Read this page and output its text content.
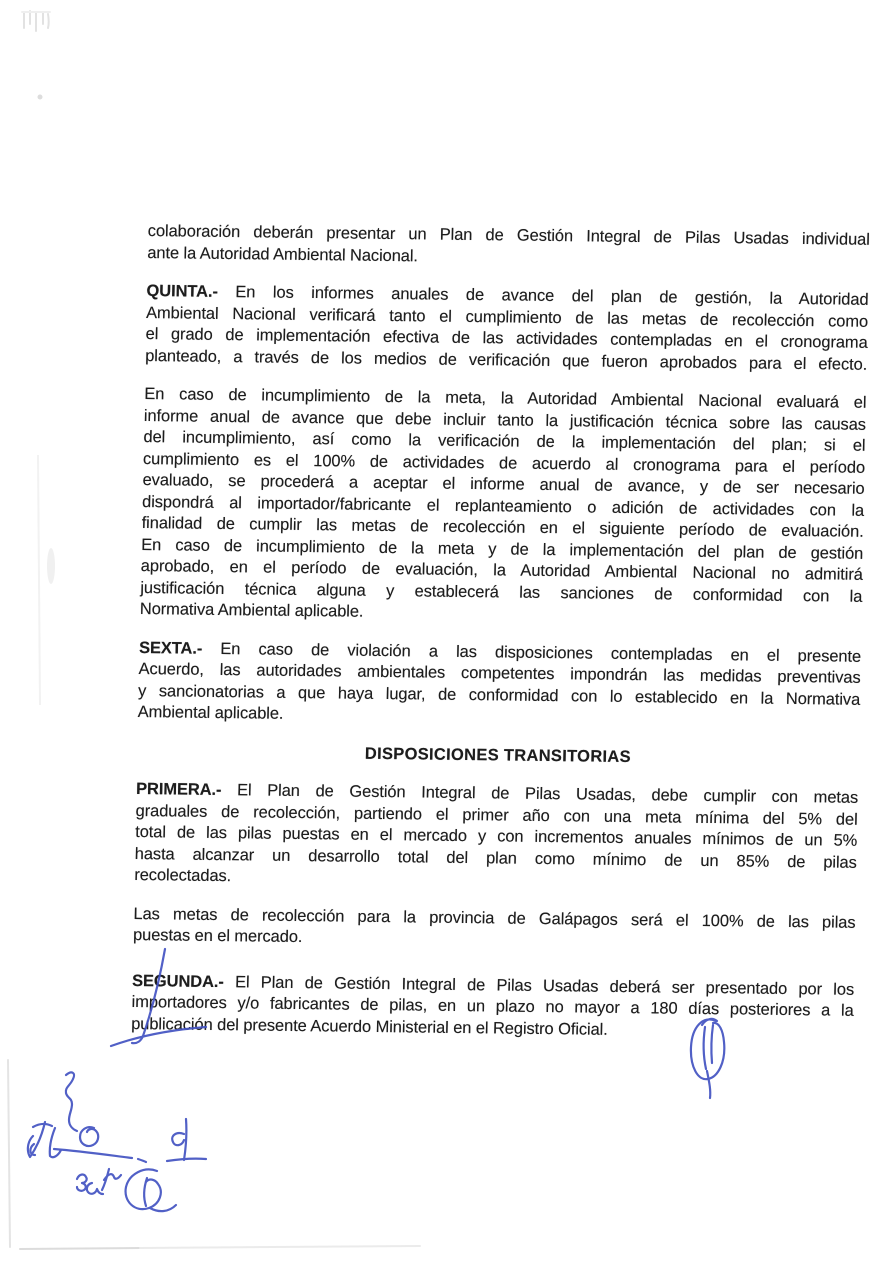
colaboración deberán presentar un Plan de Gestión Integral de Pilas Usadas individual
ante la Autoridad Ambiental Nacional.
QUINTA.- En los informes anuales de avance del plan de gestión, la Autoridad
Ambiental Nacional verificará tanto el cumplimiento de las metas de recolección como
el grado de implementación efectiva de las actividades contempladas en el cronograma
planteado, a través de los medios de verificación que fueron aprobados para el efecto.
En caso de incumplimiento de la meta, la Autoridad Ambiental Nacional evaluará el
informe anual de avance que debe incluir tanto la justificación técnica sobre las causas
del incumplimiento, así como la verificación de la implementación del plan; si el
cumplimiento es el 100% de actividades de acuerdo al cronograma para el período
evaluado, se procederá a aceptar el informe anual de avance, y de ser necesario
dispondrá al importador/fabricante el replanteamiento o adición de actividades con la
finalidad de cumplir las metas de recolección en el siguiente período de evaluación.
En caso de incumplimiento de la meta y de la implementación del plan de gestión
aprobado, en el período de evaluación, la Autoridad Ambiental Nacional no admitirá
justificación técnica alguna y establecerá las sanciones de conformidad con la
Normativa Ambiental aplicable.
SEXTA.- En caso de violación a las disposiciones contempladas en el presente
Acuerdo, las autoridades ambientales competentes impondrán las medidas preventivas
y sancionatorias a que haya lugar, de conformidad con lo establecido en la Normativa
Ambiental aplicable.
DISPOSICIONES TRANSITORIAS
PRIMERA.- El Plan de Gestión Integral de Pilas Usadas, debe cumplir con metas
graduales de recolección, partiendo el primer año con una meta mínima del 5% del
total de las pilas puestas en el mercado y con incrementos anuales mínimos de un 5%
hasta alcanzar un desarrollo total del plan como mínimo de un 85% de pilas
recolectadas.
Las metas de recolección para la provincia de Galápagos será el 100% de las pilas
puestas en el mercado.
SEGUNDA.- El Plan de Gestión Integral de Pilas Usadas deberá ser presentado por los
importadores y/o fabricantes de pilas, en un plazo no mayor a 180 días posteriores a la
publicación del presente Acuerdo Ministerial en el Registro Oficial.
